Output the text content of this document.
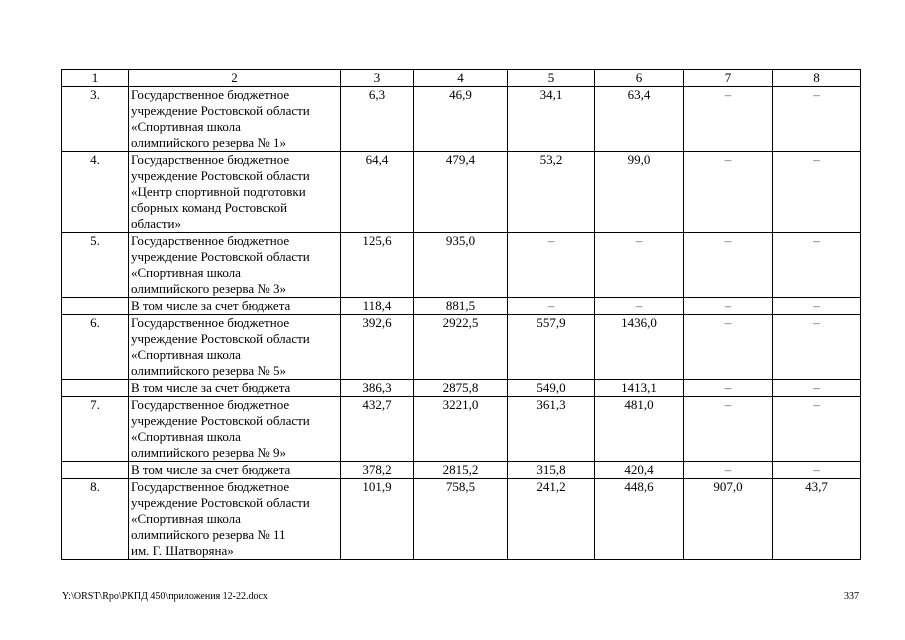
1	2	3	4	5	6	7	8
3.	Государственное бюджетное
учреждение Ростовской области
«Спортивная школа
олимпийского резерва № 1»	6,3	46,9	34,1	63,4	–	–
4.	Государственное бюджетное
учреждение Ростовской области
«Центр спортивной подготовки
сборных команд Ростовской
области»	64,4	479,4	53,2	99,0	–	–
5.	Государственное бюджетное
учреждение Ростовской области
«Спортивная школа
олимпийского резерва № 3»	125,6	935,0	–	–	–	–

	В том числе за счет бюджета	118,4	881,5	–	–	–	–
6.	Государственное бюджетное
учреждение Ростовской области
«Спортивная школа
олимпийского резерва № 5»	392,6	2922,5	557,9	1436,0	–	–

	В том числе за счет бюджета	386,3	2875,8	549,0	1413,1	–	–
7.	Государственное бюджетное
учреждение Ростовской области
«Спортивная школа
олимпийского резерва № 9»	432,7	3221,0	361,3	481,0	–	–

	В том числе за счет бюджета	378,2	2815,2	315,8	420,4	–	–
8.	Государственное бюджетное
учреждение Ростовской области
«Спортивная школа
олимпийского резерва № 11
им. Г. Шатворяна»	101,9	758,5	241,2	448,6	907,0	43,7
Y:\ORST\Rpo\РКПД 450\приложения 12-22.docx	337
